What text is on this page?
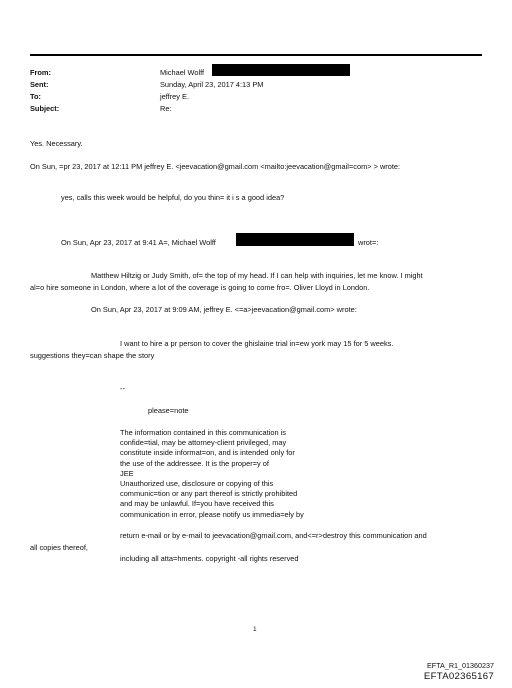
From:
Sent:
To:
Subject:
Michael Wolff
Sunday, April 23, 2017 4:13 PM
jeffrey E.
Re:
Yes. Necessary.
On Sun, =pr 23, 2017 at 12:11 PM jeffrey E. <jeevacation@gmail.com <mailto:jeevacation@gmail=com> > wrote:
yes, calls this week would be helpful, do you thin= it i s a good idea?
On Sun, Apr 23, 2017 at 9:41 A=, Michael Wolff	wrot=:
Matthew Hiltzig or Judy Smith, of= the top of my head. If I can help with inquiries, let me know. I might
al=o hire someone in London, where a lot of the coverage is going to come fro=. Oliver Lloyd in London.
On Sun, Apr 23, 2017 at 9:09 AM, jeffrey E. <=a>jeevacation@gmail.com> wrote:
I want to hire a pr person to cover the ghislaine trial in=ew york may 15 for 5 weeks.
suggestions they=can shape the story
--
please=note
The information contained in this communication is
confide=tial, may be attorney-client privileged, may
constitute inside informat=on, and is intended only for
the use of the addressee. It is the proper=y of
JEE
Unauthorized use, disclosure or copying of this
communic=tion or any part thereof is strictly prohibited
and may be unlawful. If=you have received this
communication in error, please notify us immedia=ely by
return e-mail or by e-mail to jeevacation@gmail.com, and<=r>destroy this communication and
all copies thereof,
including all atta=hments. copyright -all rights reserved
1
EFTA_R1_01360237
EFTA02365167
